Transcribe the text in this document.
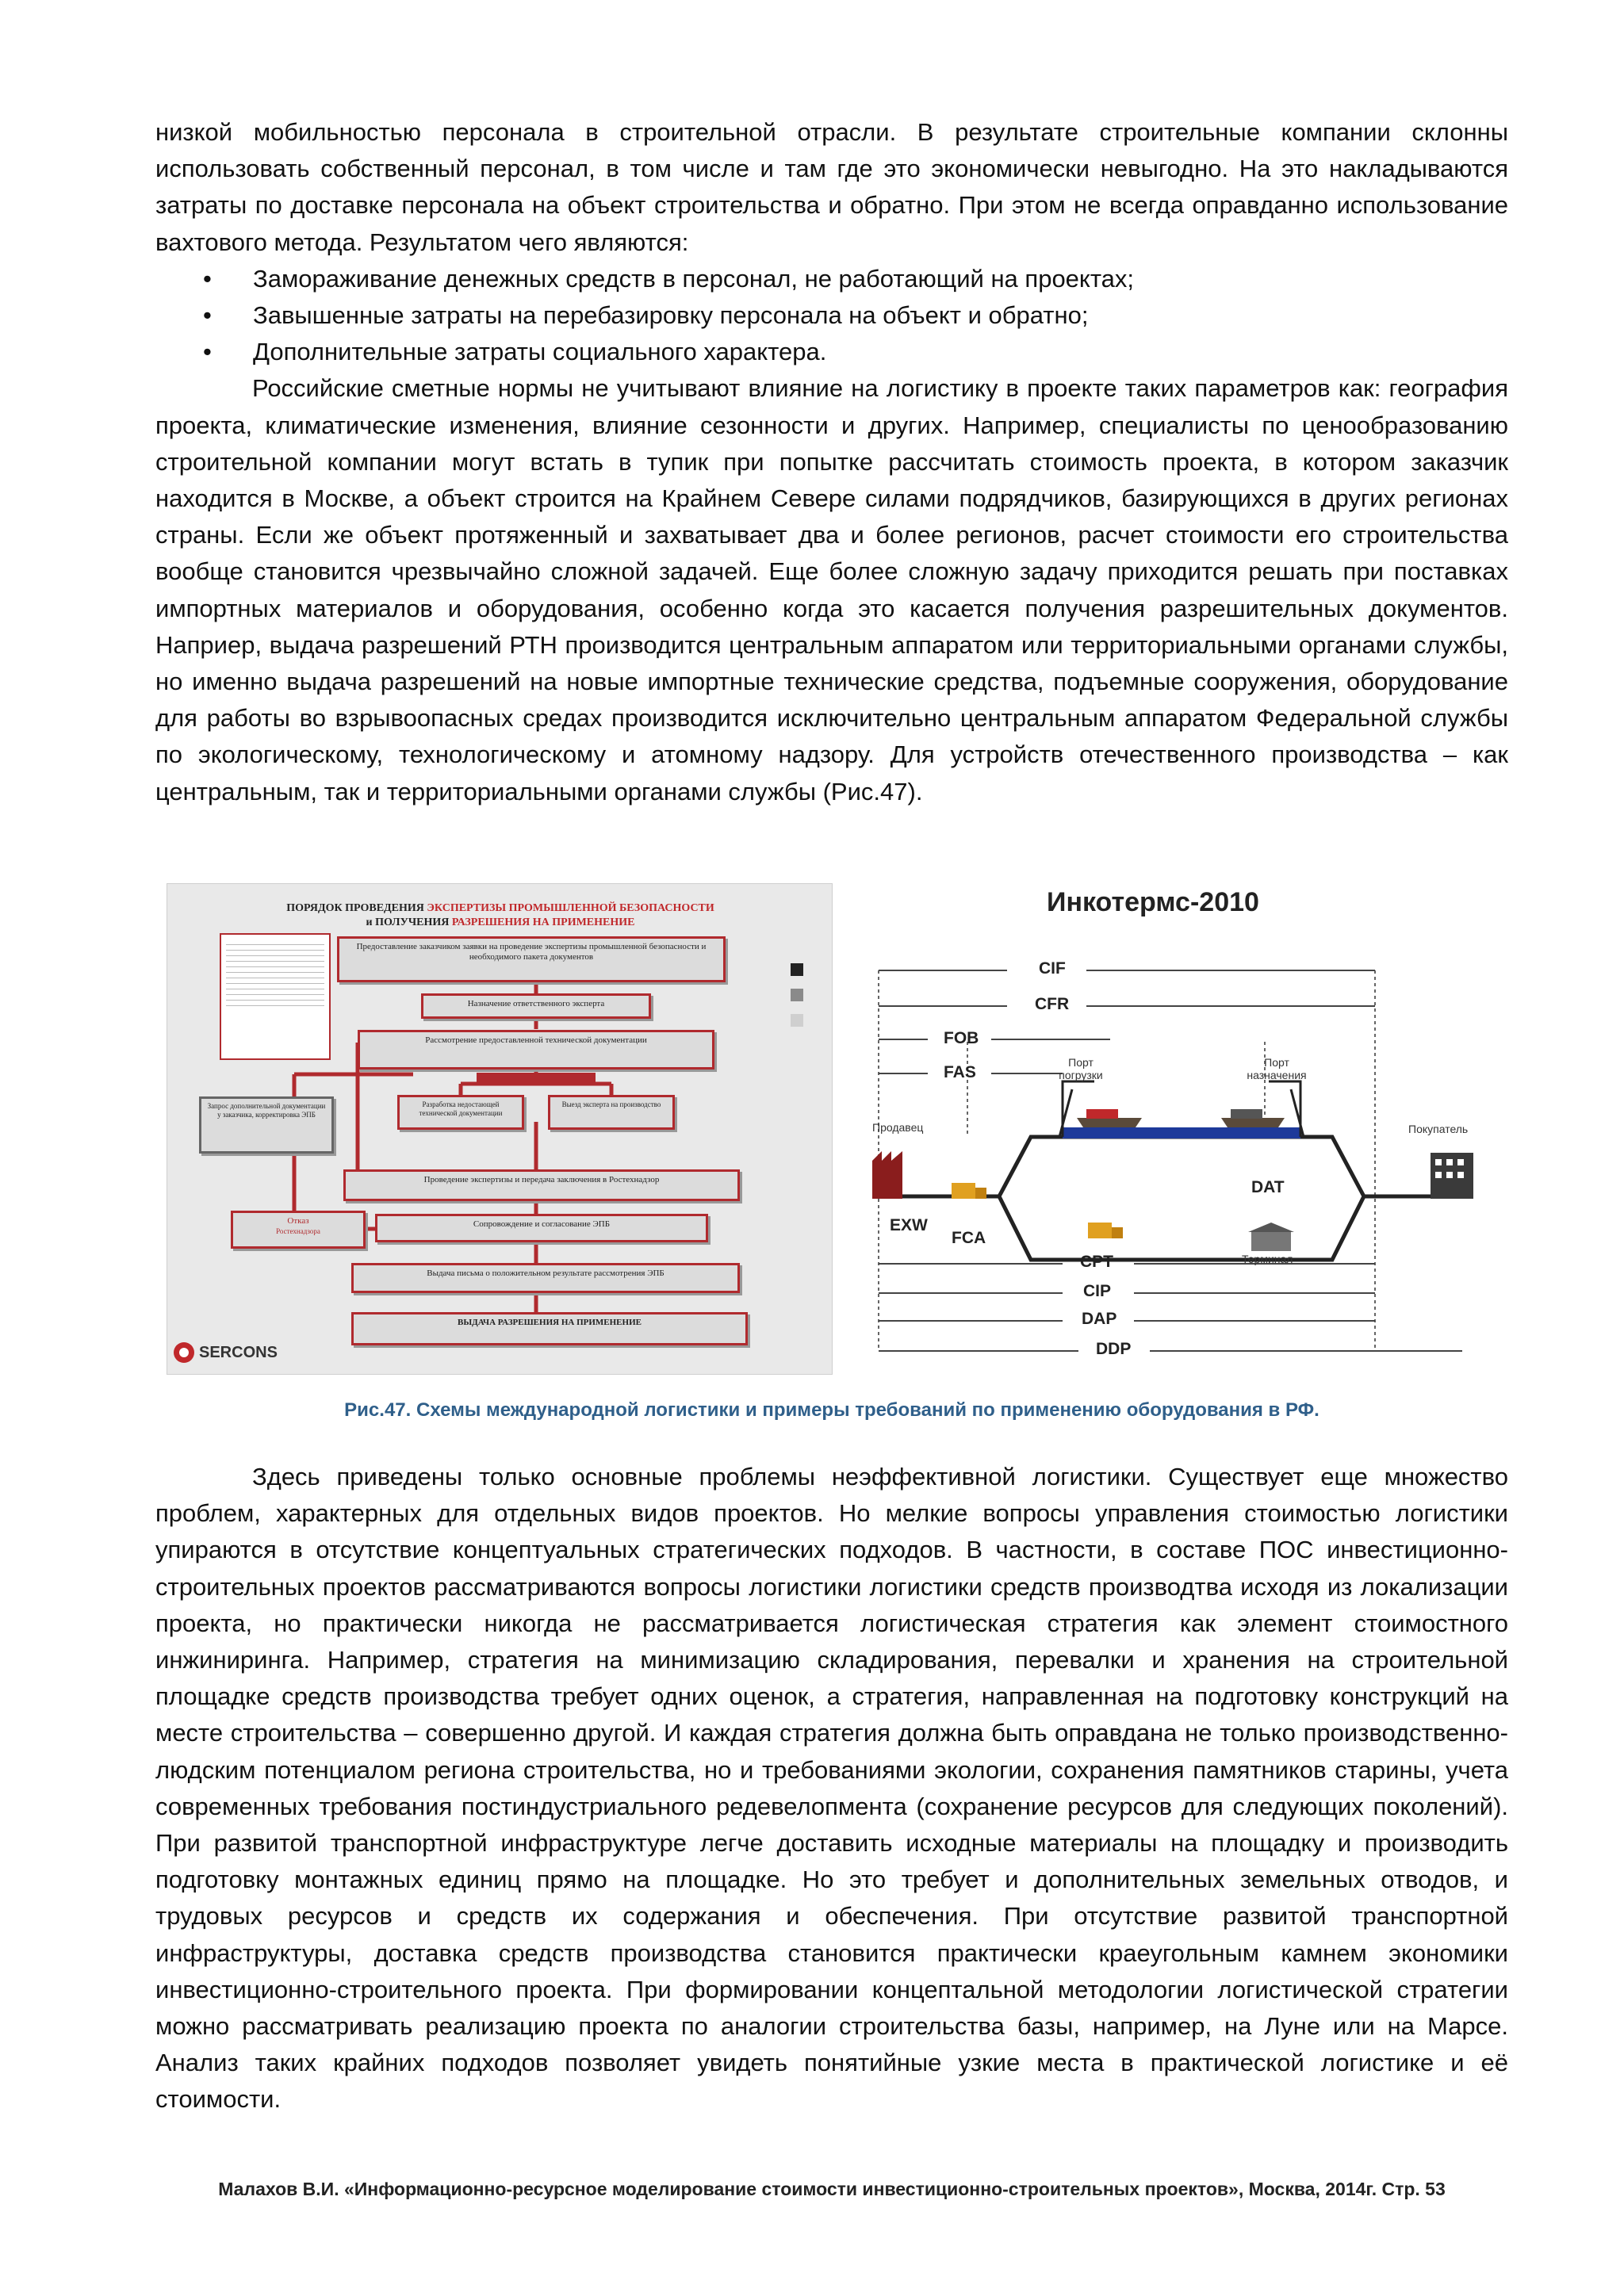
низкой мобильностью персонала в строительной отрасли. В результате строительные компании склонны использовать собственный персонал, в том числе и там где это экономически невыгодно. На это накладываются затраты по доставке персонала на объект строительства и обратно. При этом не всегда оправданно использование вахтового метода. Результатом чего являются:

• Замораживание денежных средств в персонал, не работающий на проектах;
• Завышенные затраты на перебазировку персонала на объект и обратно;
• Дополнительные затраты социального характера.

Российские сметные нормы не учитывают влияние на логистику в проекте таких параметров как: география проекта, климатические изменения, влияние сезонности и других. Например, специалисты по ценообразованию строительной компании могут встать в тупик при попытке рассчитать стоимость проекта, в котором заказчик находится в Москве, а объект строится на Крайнем Севере силами подрядчиков, базирующихся в других регионах страны. Если же объект протяженный и захватывает два и более регионов, расчет стоимости его строительства вообще становится чрезвычайно сложной задачей. Еще более сложную задачу приходится решать при поставках импортных материалов и оборудования, особенно когда это касается получения разрешительных документов. Наприер, выдача разрешений РТН производится центральным аппаратом или территориальными органами службы, но именно выдача разрешений на новые импортные технические средства, подъемные сооружения, оборудование для работы во взрывоопасных средах производится исключительно центральным аппаратом Федеральной службы по экологическому, технологическому и атомному надзору. Для устройств отечественного производства – как центральным, так и территориальными органами службы (Рис.47).

ПОРЯДОК ПРОВЕДЕНИЯ ЭКСПЕРТИЗЫ ПРОМЫШЛЕННОЙ БЕЗОПАСНОСТИ
и ПОЛУЧЕНИЯ РАЗРЕШЕНИЯ НА ПРИМЕНЕНИЕ
Предоставление заказчиком заявки на проведение экспертизы промышленной безопасности и необходимого пакета документов
Назначение ответственного эксперта
Рассмотрение предоставленной технической документации
Разработка недостающей технической документации
Выезд эксперта на производство
Проведение экспертизы и передача заключения в Ростехнадзор
Сопровождение и согласование ЭПБ
Выдача письма о положительном результате рассмотрения ЭПБ
ВЫДАЧА РАЗРЕШЕНИЯ НА ПРИМЕНЕНИЕ
Запрос дополнительной документации у заказчика, корректировка ЭПБ
Отказ
Ростехнадзора
SERCONS
Инкотермс-2010
CIF
CFR
FOB
FAS
CPT
CIP
DAP
DDP
EXW
FCA
DAT
Порт погрузки
Порт назначения
Продавец	Покупатель
Терминал
Рис.47. Схемы международной логистики и примеры требований по применению оборудования в РФ.

Здесь приведены только основные проблемы неэффективной логистики. Существует еще множество проблем, характерных для отдельных видов проектов. Но мелкие вопросы управления стоимостью логистики упираются в отсутствие концептуальных стратегических подходов. В частности, в составе ПОС инвестиционно-строительных проектов рассматриваются вопросы логистики логистики средств производтва исходя из локализации проекта, но практически никогда не рассматривается логистическая стратегия как элемент стоимостного инжиниринга. Например, стратегия на минимизацию складирования, перевалки и хранения на строительной площадке средств производства требует одних оценок, а стратегия, направленная на подготовку конструкций на месте строительства – совершенно другой. И каждая стратегия должна быть оправдана не только производственно-людским потенциалом региона строительства, но и требованиями экологии, сохранения памятников старины, учета современных требования постиндустриального редевелопмента (сохранение ресурсов для следующих поколений). При развитой транспортной инфраструктуре легче доставить исходные материалы на площадку и производить подготовку монтажных единиц прямо на площадке. Но это требует и дополнительных земельных отводов, и трудовых ресурсов и средств их содержания и обеспечения. При отсутствие развитой транспортной инфраструктуры, доставка средств производства становится практически краеугольным камнем экономики инвестиционно-строительного проекта. При формировании концептальной методологии логистической стратегии можно рассматривать реализацию проекта по аналогии строительства базы, например, на Луне или на Марсе. Анализ таких крайних подходов позволяет увидеть понятийные узкие места в практической логистике и её стоимости.

Малахов В.И. «Информационно-ресурсное моделирование стоимости инвестиционно-строительных проектов», Москва, 2014г. Стр. 53
